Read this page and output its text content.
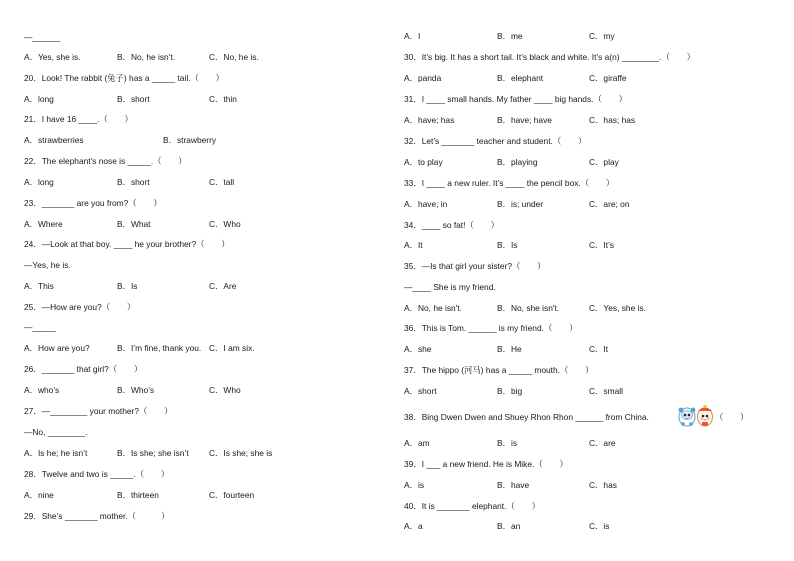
—______
A．Yes, she is.	B．No, he isn’t.	C．No, he is.
20．Look! The rabbit (兔子) has a _____ tail.（　　）
A．long	B．short	C．thin
21．I have 16 ____.（　　）
A．strawberries	B．strawberry
22．The elephant's nose is _____.（　　）
A．long	B．short	C．tall
23．_______ are you from?（　　）
A．Where	B．What	C．Who
24．—Look at that boy. ____ he your brother?（　　）
—Yes, he is.
A．This	B．Is	C．Are
25．—How are you?（　　）
—_____
A．How are you?	B．I’m fine, thank you. C．I am six.
26．_______ that girl?（　　）
A．who’s	B．Who’s	C．Who
27．—________ your mother?（　　）
—No, ________.
A．Is he; he isn’t	B．Is she; she isn’t C．Is she; she is
28．Twelve and two is _____.（　　）
A．nine	B．thirteen	C．fourteen
29．She’s _______ mother.（　　　）
A．I	B．me	C．my
30．It’s big. It has a short tail. It’s black and white. It’s a(n) ________.（　　）
A．panda	B．elephant	C．giraffe
31．I ____ small hands. My father ____ big hands.（　　）
A．have; has	B．have; have	C．has; has
32．Let’s _______ teacher and student.（　　）
A．to play	B．playing	C．play
33．I ____ a new ruler. It’s ____ the pencil box.（　　）
A．have; in	B．is; under	C．are; on
34．____ so fat!（　　）
A．It	B．Is	C．It’s
35．—Is that girl your sister?（　　）
—____ She is my friend.
A．No, he isn't.	B．No, she isn't.	C．Yes, she is.
36．This is Tom. ______ is my friend.（　　）
A．she	B．He	C．It
37．The hippo (河马) has a _____ mouth.（　　）
A．short	B．big	C．small
38．Bing Dwen Dwen and Shuey Rhon Rhon ______ from China.	（　　）
A．am	B．is	C．are
39．I ___ a new friend. He is Mike.（　　）
A．is	B．have	C．has
40．It is _______ elephant.（　　）
A．a	B．an	C．is
